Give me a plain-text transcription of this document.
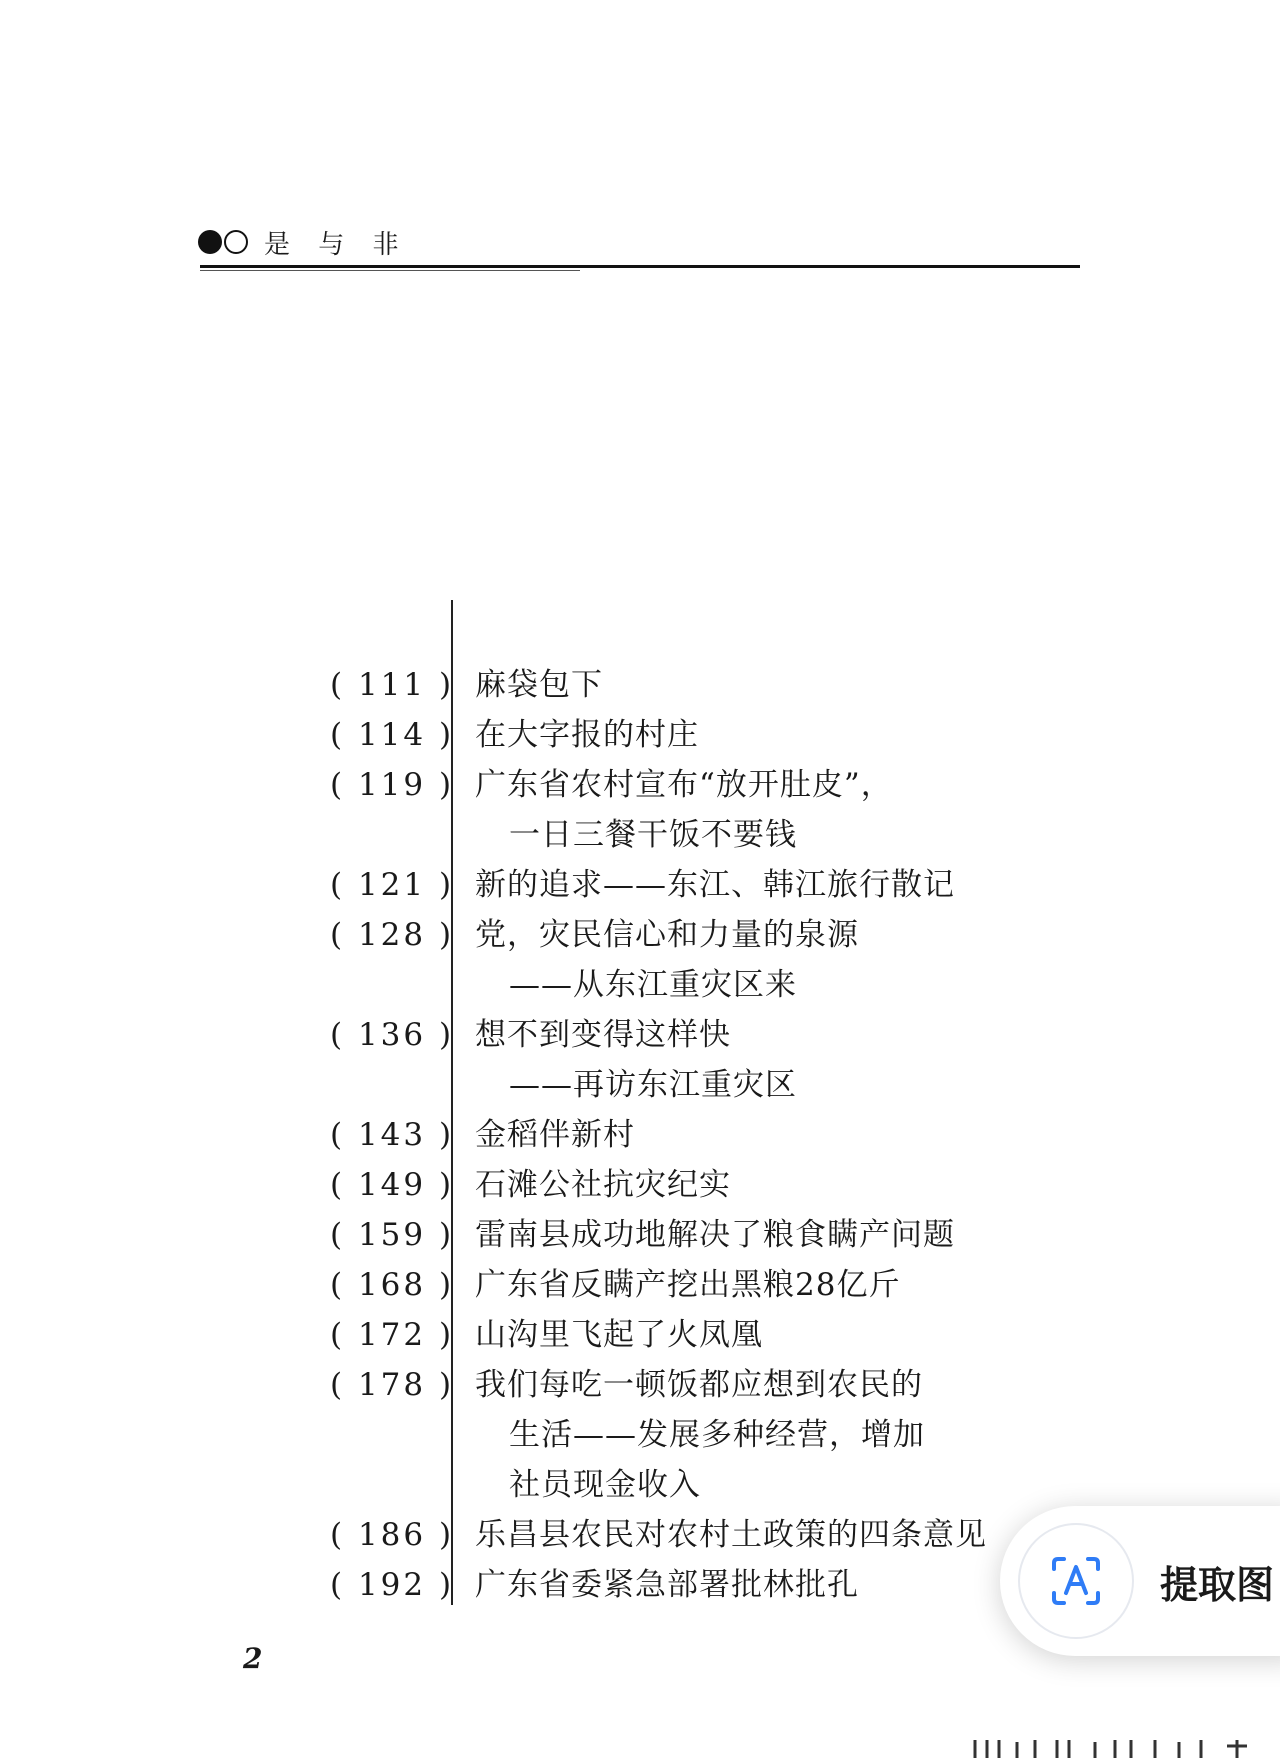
是 与 非
( 111 ) 麻袋包下
( 114 ) 在大字报的村庄
( 119 ) 广东省农村宣布“放开肚皮”，
一日三餐干饭不要钱
( 121 ) 新的追求——东江、韩江旅行散记
( 128 ) 党，灾民信心和力量的泉源
——从东江重灾区来
( 136 ) 想不到变得这样快
——再访东江重灾区
( 143 ) 金稻伴新村
( 149 ) 石滩公社抗灾纪实
( 159 ) 雷南县成功地解决了粮食瞒产问题
( 168 ) 广东省反瞒产挖出黑粮28亿斤
( 172 ) 山沟里飞起了火凤凰
( 178 ) 我们每吃一顿饭都应想到农民的
生活——发展多种经营，增加
社员现金收入
( 186 ) 乐昌县农民对农村土政策的四条意见
( 192 ) 广东省委紧急部署批林批孔
2
提取图
